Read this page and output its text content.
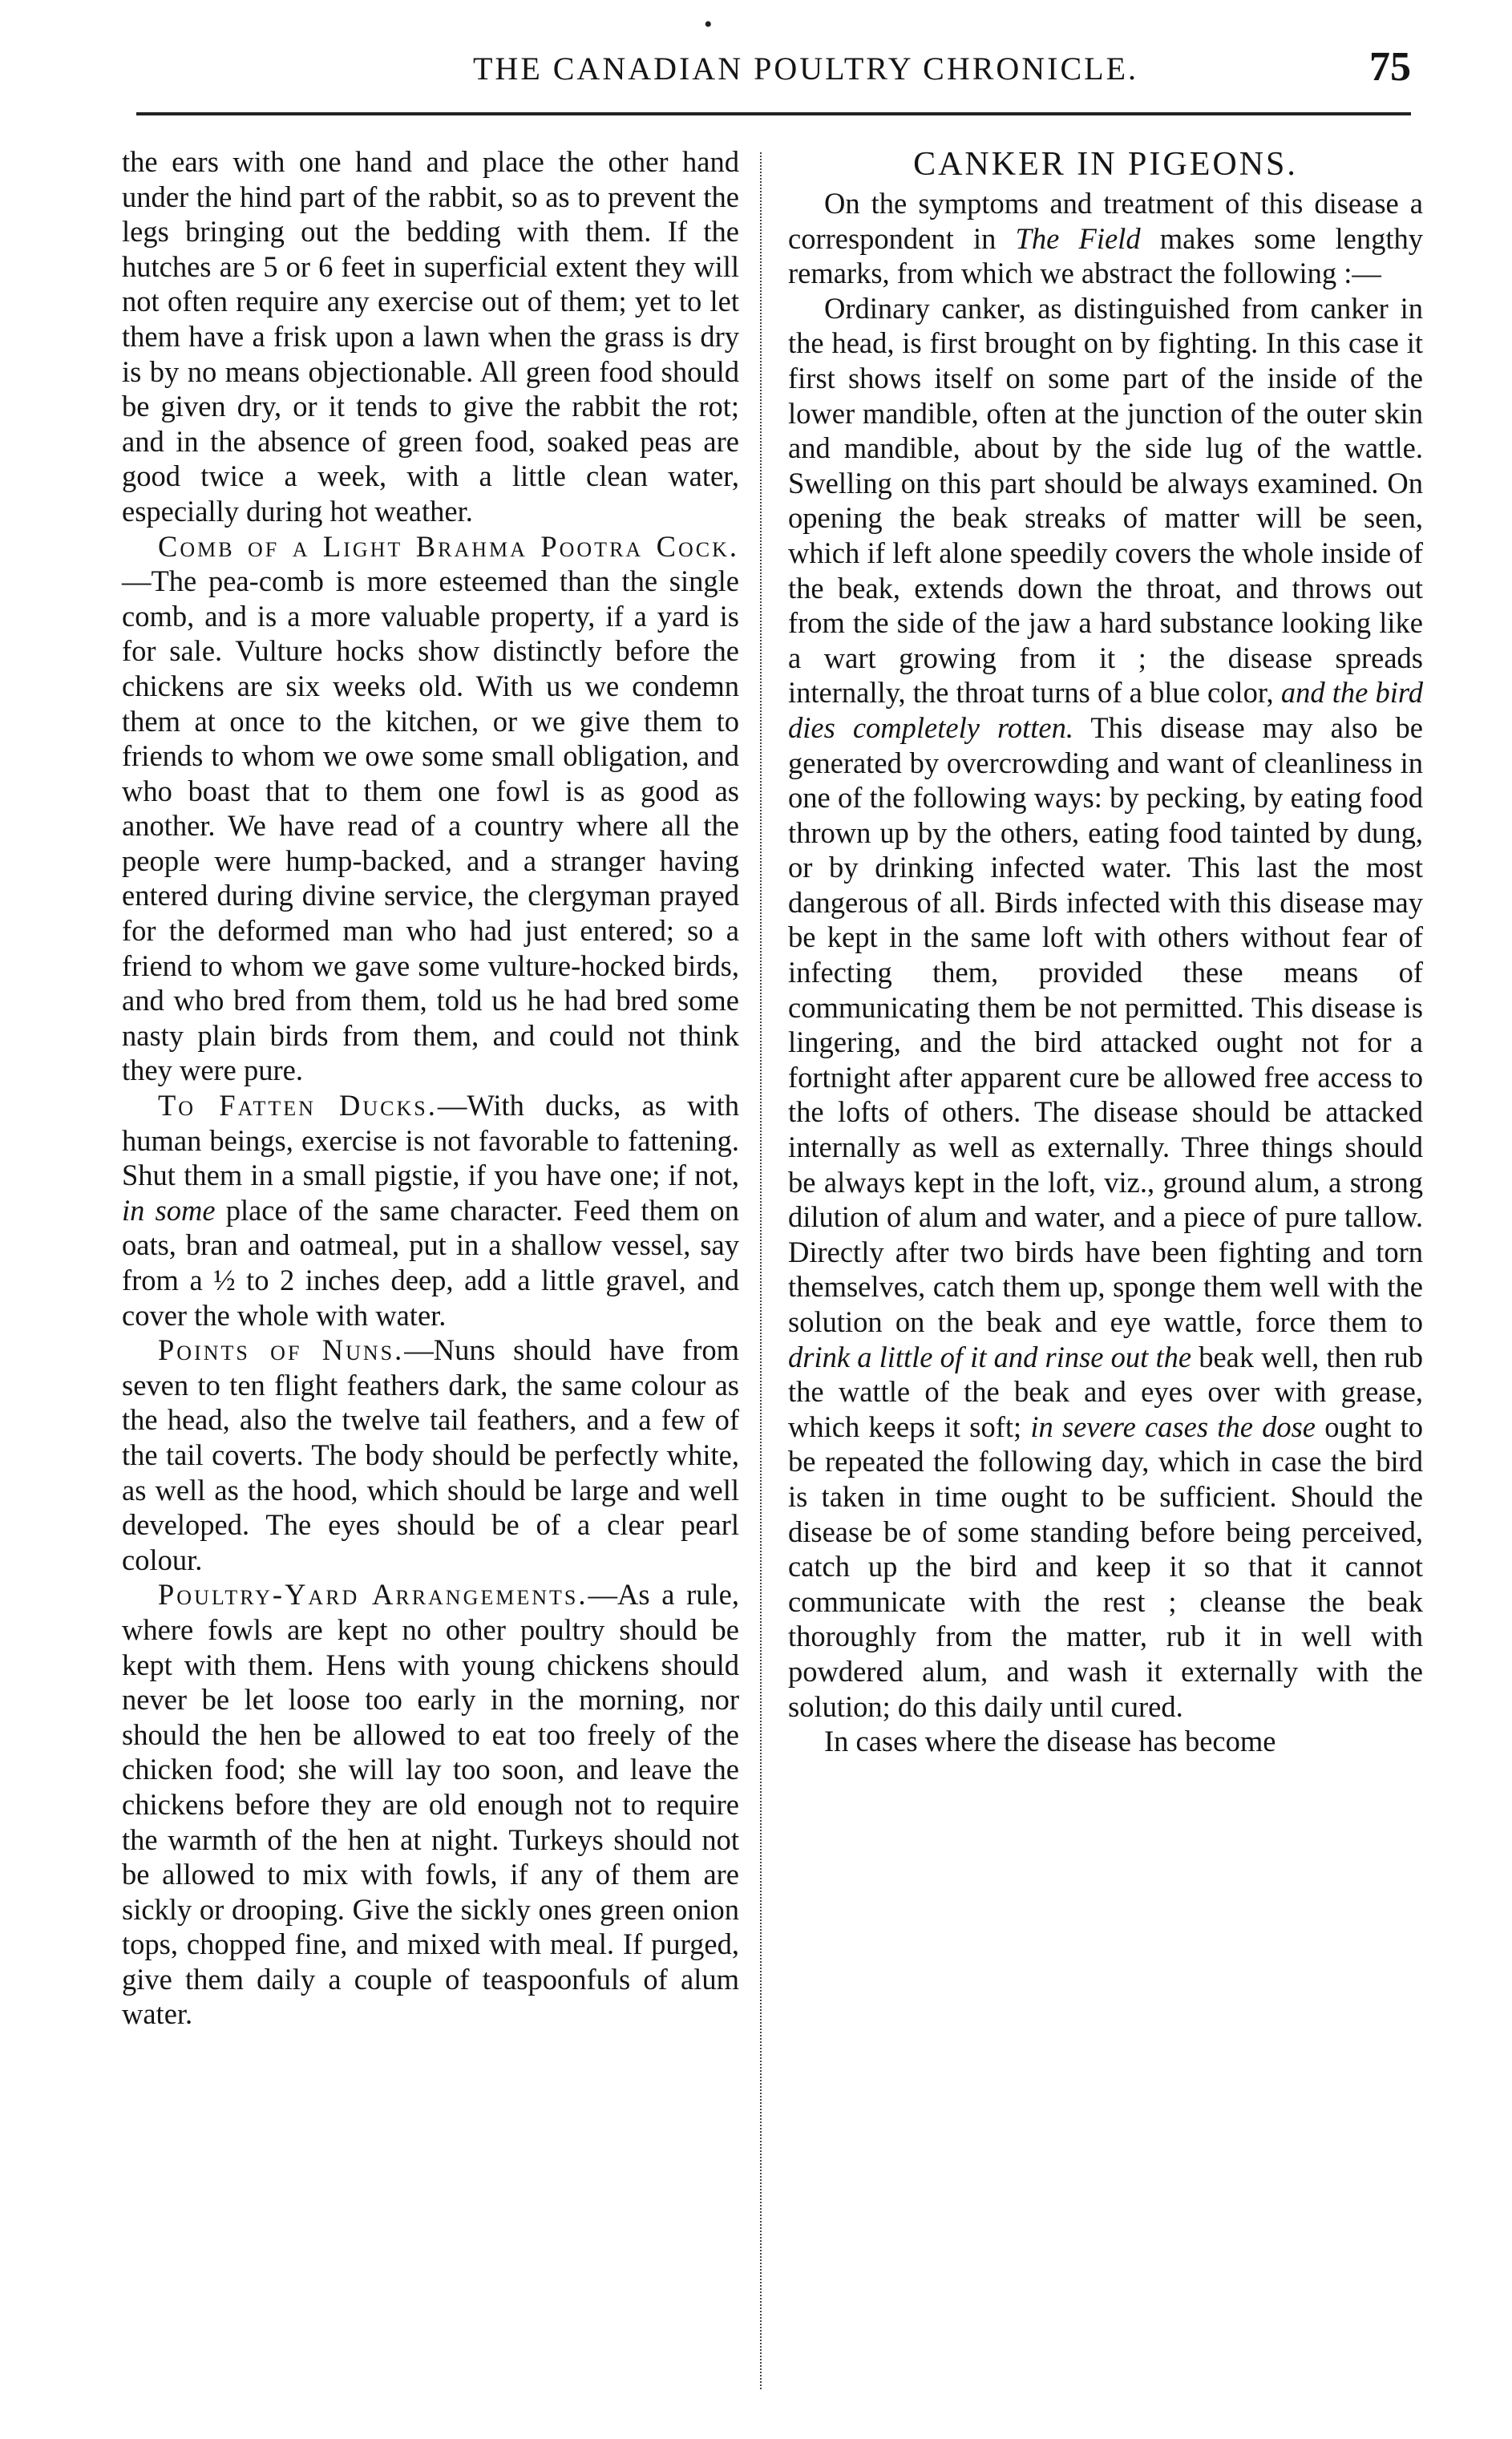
•
THE CANADIAN POULTRY CHRONICLE.	75

the ears with one hand and place the other hand under the hind part of the rabbit, so as to prevent the legs bringing out the bedding with them. If the hutches are 5 or 6 feet in superficial extent they will not often require any exercise out of them; yet to let them have a frisk upon a lawn when the grass is dry is by no means objectionable. All green food should be given dry, or it tends to give the rabbit the rot; and in the absence of green food, soaked peas are good twice a week, with a little clean water, especially during hot weather.

Comb of a Light Brahma Pootra Cock.—The pea-comb is more esteemed than the single comb, and is a more valuable property, if a yard is for sale. Vulture hocks show distinctly before the chickens are six weeks old. With us we condemn them at once to the kitchen, or we give them to friends to whom we owe some small obligation, and who boast that to them one fowl is as good as another. We have read of a country where all the people were hump-backed, and a stranger having entered during divine service, the clergyman prayed for the deformed man who had just entered; so a friend to whom we gave some vulture-hocked birds, and who bred from them, told us he had bred some nasty plain birds from them, and could not think they were pure.

To Fatten Ducks.—With ducks, as with human beings, exercise is not favorable to fattening. Shut them in a small pigstie, if you have one; if not, in some place of the same character. Feed them on oats, bran and oatmeal, put in a shallow vessel, say from a ½ to 2 inches deep, add a little gravel, and cover the whole with water.

Points of Nuns.—Nuns should have from seven to ten flight feathers dark, the same colour as the head, also the twelve tail feathers, and a few of the tail coverts. The body should be perfectly white, as well as the hood, which should be large and well developed. The eyes should be of a clear pearl colour.

Poultry-Yard Arrangements.—As a rule, where fowls are kept no other poultry should be kept with them. Hens with young chickens should never be let loose too early in the morning, nor should the hen be allowed to eat too freely of the chicken food; she will lay too soon, and leave the chickens before they are old enough not to require the warmth of the hen at night. Turkeys should not be allowed to mix with fowls, if any of them are sickly or drooping. Give the sickly ones green onion tops, chopped fine, and mixed with meal. If purged, give them daily a couple of teaspoonfuls of alum water.

CANKER IN PIGEONS.

On the symptoms and treatment of this disease a correspondent in The Field makes some lengthy remarks, from which we abstract the following :—

Ordinary canker, as distinguished from canker in the head, is first brought on by fighting. In this case it first shows itself on some part of the inside of the lower mandible, often at the junction of the outer skin and mandible, about by the side lug of the wattle. Swelling on this part should be always examined. On opening the beak streaks of matter will be seen, which if left alone speedily covers the whole inside of the beak, extends down the throat, and throws out from the side of the jaw a hard substance looking like a wart growing from it ; the disease spreads internally, the throat turns of a blue color, and the bird dies completely rotten. This disease may also be generated by overcrowding and want of cleanliness in one of the following ways: by pecking, by eating food thrown up by the others, eating food tainted by dung, or by drinking infected water. This last the most dangerous of all. Birds infected with this disease may be kept in the same loft with others without fear of infecting them, provided these means of communicating them be not permitted. This disease is lingering, and the bird attacked ought not for a fortnight after apparent cure be allowed free access to the lofts of others. The disease should be attacked internally as well as externally. Three things should be always kept in the loft, viz., ground alum, a strong dilution of alum and water, and a piece of pure tallow. Directly after two birds have been fighting and torn themselves, catch them up, sponge them well with the solution on the beak and eye wattle, force them to drink a little of it and rinse out the beak well, then rub the wattle of the beak and eyes over with grease, which keeps it soft; in severe cases the dose ought to be repeated the following day, which in case the bird is taken in time ought to be sufficient. Should the disease be of some standing before being perceived, catch up the bird and keep it so that it cannot communicate with the rest ; cleanse the beak thoroughly from the matter, rub it in well with powdered alum, and wash it externally with the solution; do this daily until cured.

In cases where the disease has become
